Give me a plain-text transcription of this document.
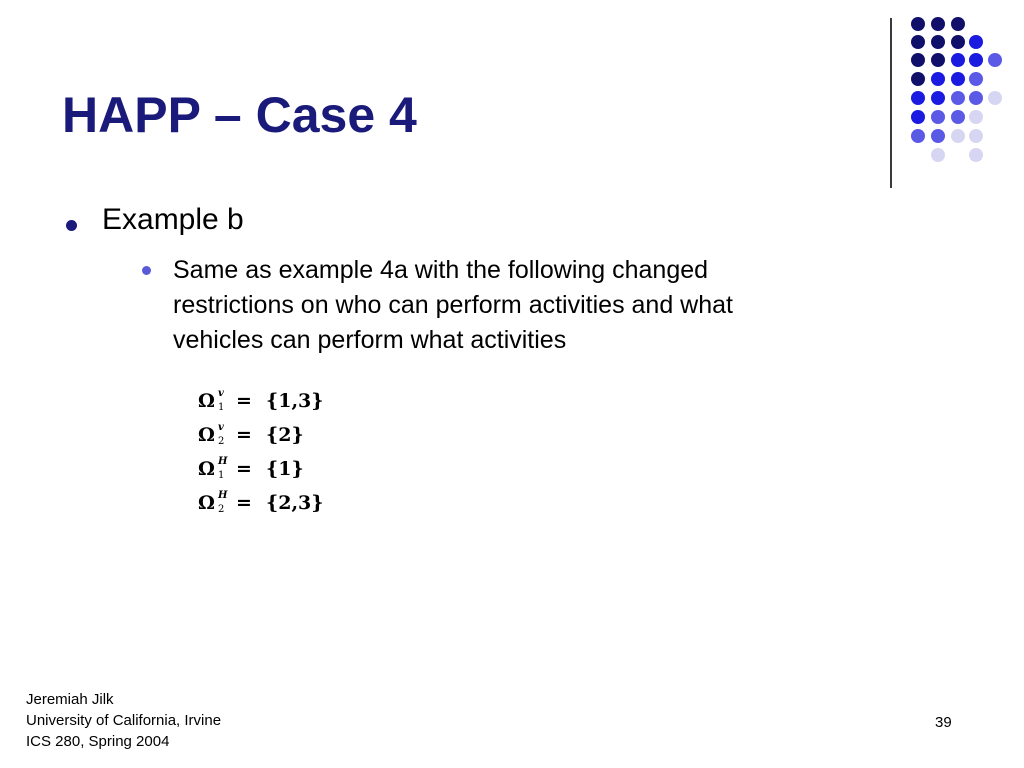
HAPP – Case 4
Example b
Same as example 4a with the following changed
restrictions on who can perform activities and what
vehicles can perform what activities
Ω v
1 = {1,3}
Ω v
2 = {2}
Ω H
1 = {1}
Ω H
2 = {2,3}
Jeremiah Jilk
University of California, Irvine
ICS 280, Spring 2004
39
